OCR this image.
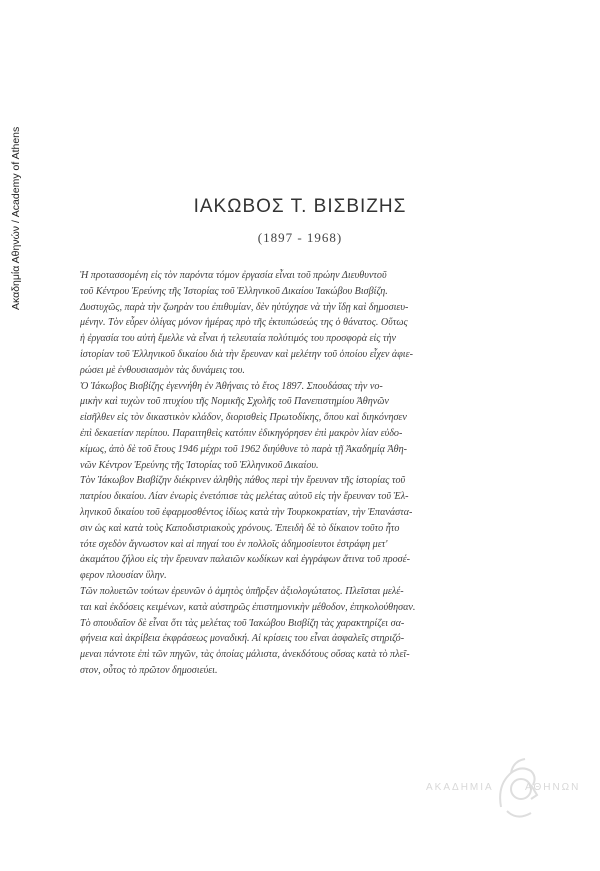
Ακαδημία Αθηνών / Academy of Athens	ΙΑΚΩΒΟΣ Τ. ΒΙΣΒΙΖΗΣ
(1897 - 1968)
Ἡ προτασσομένη εἰς τὸν παρόντα τόμον ἐργασία εἶναι τοῦ πρώην Διευθυντοῦ
τοῦ Κέντρου Ἐρεύνης τῆς Ἱστορίας τοῦ Ἑλληνικοῦ Δικαίου Ἰακώβου Βισβίζη.
Δυστυχῶς, παρὰ τὴν ζωηρὰν του ἐπιθυμίαν, δὲν ηὐτύχησε νὰ τὴν ἴδῃ καὶ δημοσιευ-
μένην. Τὸν εὗρεν ὀλίγας μόνον ἡμέρας πρὸ τῆς ἐκτυπώσεώς της ὁ θάνατος. Οὕτως
ἡ ἐργασία του αὐτὴ ἔμελλε νὰ εἶναι ἡ τελευταία πολύτιμός του προσφορὰ εἰς τὴν
ἱστορίαν τοῦ Ἑλληνικοῦ δικαίου διὰ τὴν ἔρευναν καὶ μελέτην τοῦ ὁποίου εἶχεν ἀφιε-
ρώσει μὲ ἐνθουσιασμὸν τὰς δυνάμεις του.
Ὁ Ἰάκωβος Βισβίζης ἐγεννήθη ἐν Ἀθήναις τὸ ἔτος 1897. Σπουδάσας τὴν νο-
μικὴν καὶ τυχὼν τοῦ πτυχίου τῆς Νομικῆς Σχολῆς τοῦ Πανεπιστημίου Ἀθηνῶν
εἰσῆλθεν εἰς τὸν δικαστικὸν κλάδον, διορισθεὶς Πρωτοδίκης, ὅπου καὶ διηκόνησεν
ἐπὶ δεκαετίαν περίπου. Παραιτηθεὶς κατόπιν ἐδικηγόρησεν ἐπὶ μακρὸν λίαν εὐδο-
κίμως, ἀπὸ δὲ τοῦ ἔτους 1946 μέχρι τοῦ 1962 διηύθυνε τὸ παρὰ τῇ Ἀκαδημίᾳ Ἀθη-
νῶν Κέντρον Ἐρεύνης τῆς Ἱστορίας τοῦ Ἑλληνικοῦ Δικαίου.
Τὸν Ἰάκωβον Βισβίζην διέκρινεν ἀληθὴς πάθος περὶ τὴν ἔρευναν τῆς ἱστορίας τοῦ
πατρίου δικαίου. Λίαν ἐνωρὶς ἐνετόπισε τὰς μελέτας αὐτοῦ εἰς τὴν ἔρευναν τοῦ Ἑλ-
ληνικοῦ δικαίου τοῦ ἐφαρμοσθέντος ἰδίως κατὰ τὴν Τουρκοκρατίαν, τὴν Ἐπανάστα-
σιν ὡς καὶ κατὰ τοὺς Καποδιστριακοὺς χρόνους. Ἐπειδὴ δὲ τὸ δίκαιον τοῦτο ἦτο
τότε σχεδὸν ἄγνωστον καὶ αἱ πηγαί του ἐν πολλοῖς ἀδημοσίευτοι ἐστράφη μετ'
ἀκαμάτου ζήλου εἰς τὴν ἔρευναν παλαιῶν κωδίκων καὶ ἐγγράφων ἅτινα τοῦ προσέ-
φερον πλουσίαν ὕλην.
Τῶν πολυετῶν τούτων ἐρευνῶν ὁ ἀμητὸς ὑπῆρξεν ἀξιολογώτατος. Πλεῖσται μελέ-
ται καὶ ἐκδόσεις κειμένων, κατὰ αὐστηρῶς ἐπιστημονικὴν μέθοδον, ἐπηκολούθησαν.
Τὸ σπουδαῖον δὲ εἶναι ὅτι τὰς μελέτας τοῦ Ἰακώβου Βισβίζη τὰς χαρακτηρίζει σα-
φήνεια καὶ ἀκρίβεια ἐκφράσεως μοναδική. Αἱ κρίσεις του εἶναι ἀσφαλεῖς στηριζό-
μεναι πάντοτε ἐπὶ τῶν πηγῶν, τὰς ὁποίας μάλιστα, ἀνεκδότους οὔσας κατὰ τὸ πλεῖ-
στον, οὗτος τὸ πρῶτον δημοσιεύει.
ΑΚΑΔΗΜΙΑ	ΑΘΗΝΩΝ
